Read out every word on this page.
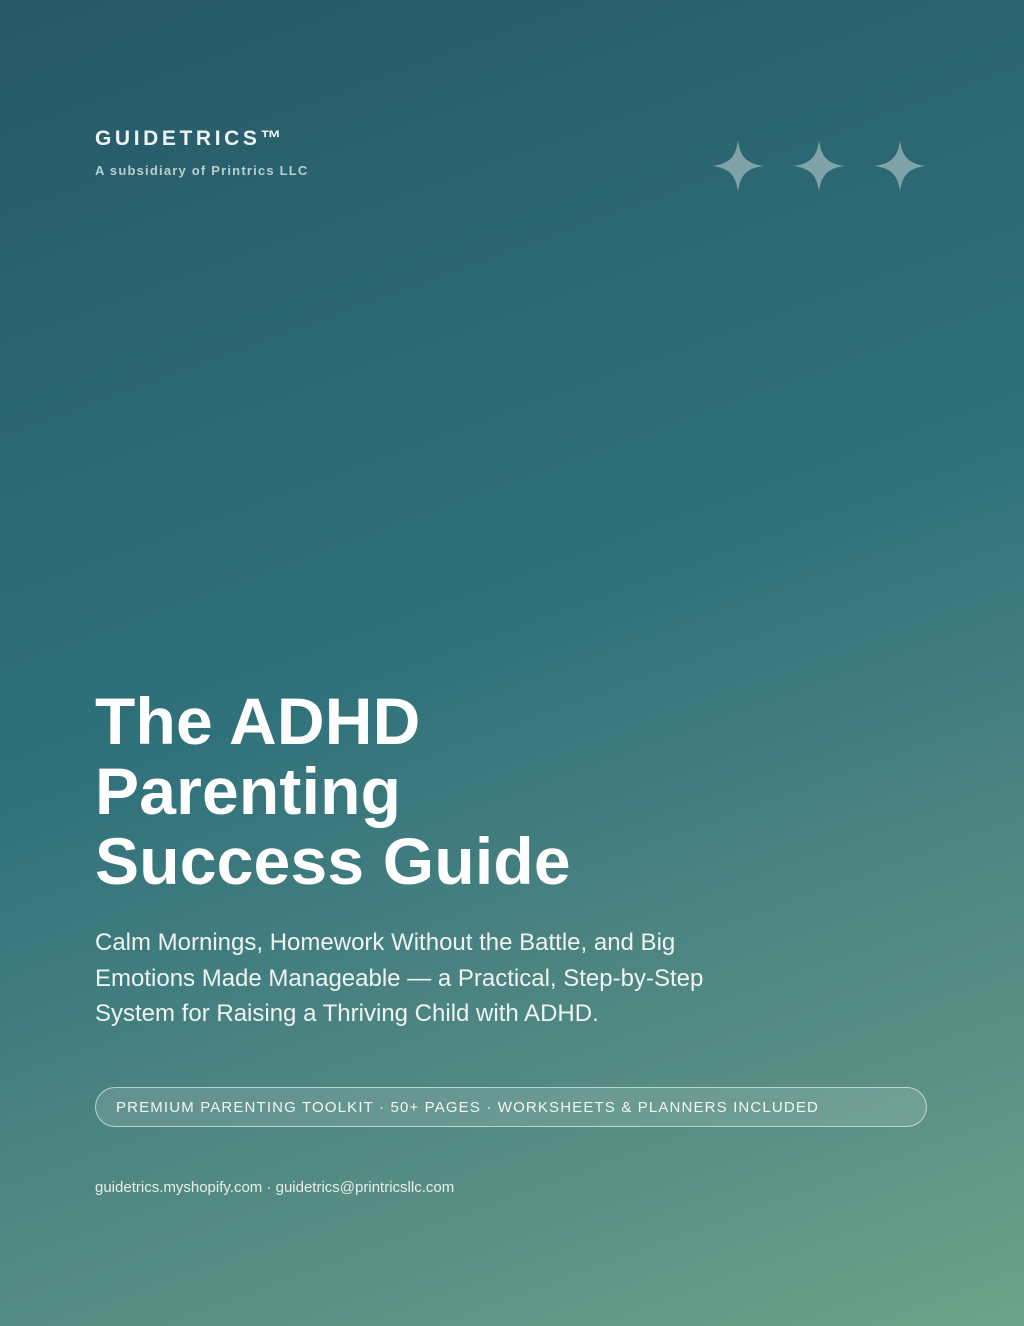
GUIDETRICS™
A subsidiary of Printrics LLC
The ADHD
Parenting
Success Guide
Calm Mornings, Homework Without the Battle, and Big
Emotions Made Manageable — a Practical, Step-by-Step
System for Raising a Thriving Child with ADHD.
PREMIUM PARENTING TOOLKIT · 50+ PAGES · WORKSHEETS & PLANNERS INCLUDED
guidetrics.myshopify.com · guidetrics@printricsllc.com
